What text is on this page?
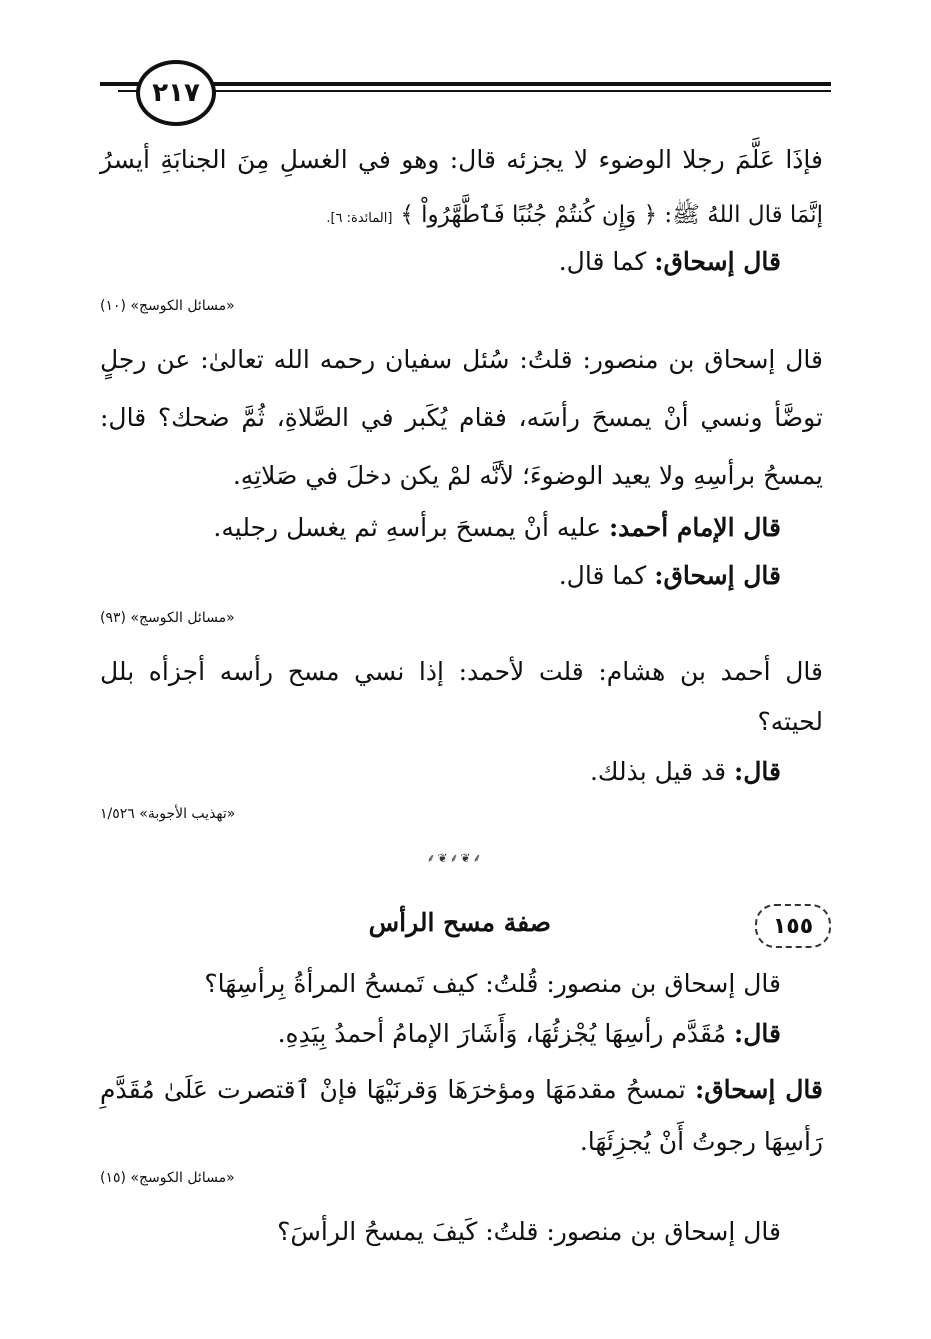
٢١٧
فإذَا عَلَّمَ رجلا الوضوء لا يجزئه قال: وهو في الغسلِ مِنَ الجنابَةِ أيسرُ
إنَّمَا قال اللهُ ﷺ: ﴿ وَإِن كُنتُمْ جُنُبًا فَٱطَّهَّرُواْ ﴾ [المائدة: ٦].
قال إسحاق: كما قال.
«مسائل الكوسج» (١٠)
قال إسحاق بن منصور: قلتُ: سُئل سفيان رحمه الله تعالىٰ: عن رجلٍ
توضَّأ ونسي أنْ يمسحَ رأسَه، فقام يُكَبر في الصَّلاةِ، ثُمَّ ضحك؟ قال:
يمسحُ برأسِهِ ولا يعيد الوضوءَ؛ لأنَّه لمْ يكن دخلَ في صَلاتِهِ.
قال الإمام أحمد: عليه أنْ يمسحَ برأسهِ ثم يغسل رجليه.
قال إسحاق: كما قال.
«مسائل الكوسج» (٩٣)
قال أحمد بن هشام: قلت لأحمد: إذا نسي مسح رأسه أجزأه بلل
لحيته؟
قال: قد قيل بذلك.
«تهذيب الأجوبة» ١/٥٢٦
⸙❦⸙❦⸙
١٥٥
صفة مسح الرأس
قال إسحاق بن منصور: قُلتُ: كيف تَمسحُ المرأةُ بِرأسِهَا؟
قال: مُقَدَّم رأسِهَا يُجْزئُهَا، وَأَشَارَ الإمامُ أحمدُ بِيَدِهِ.
قال إسحاق: تمسحُ مقدمَهَا ومؤخرَهَا وَقرنَيْهَا فإنْ ٱقتصرت عَلَىٰ مُقَدَّمِ
رَأسِهَا رجوتُ أَنْ يُجزِئَهَا.
«مسائل الكوسج» (١٥)
قال إسحاق بن منصور: قلتُ: كَيفَ يمسحُ الرأسَ؟
